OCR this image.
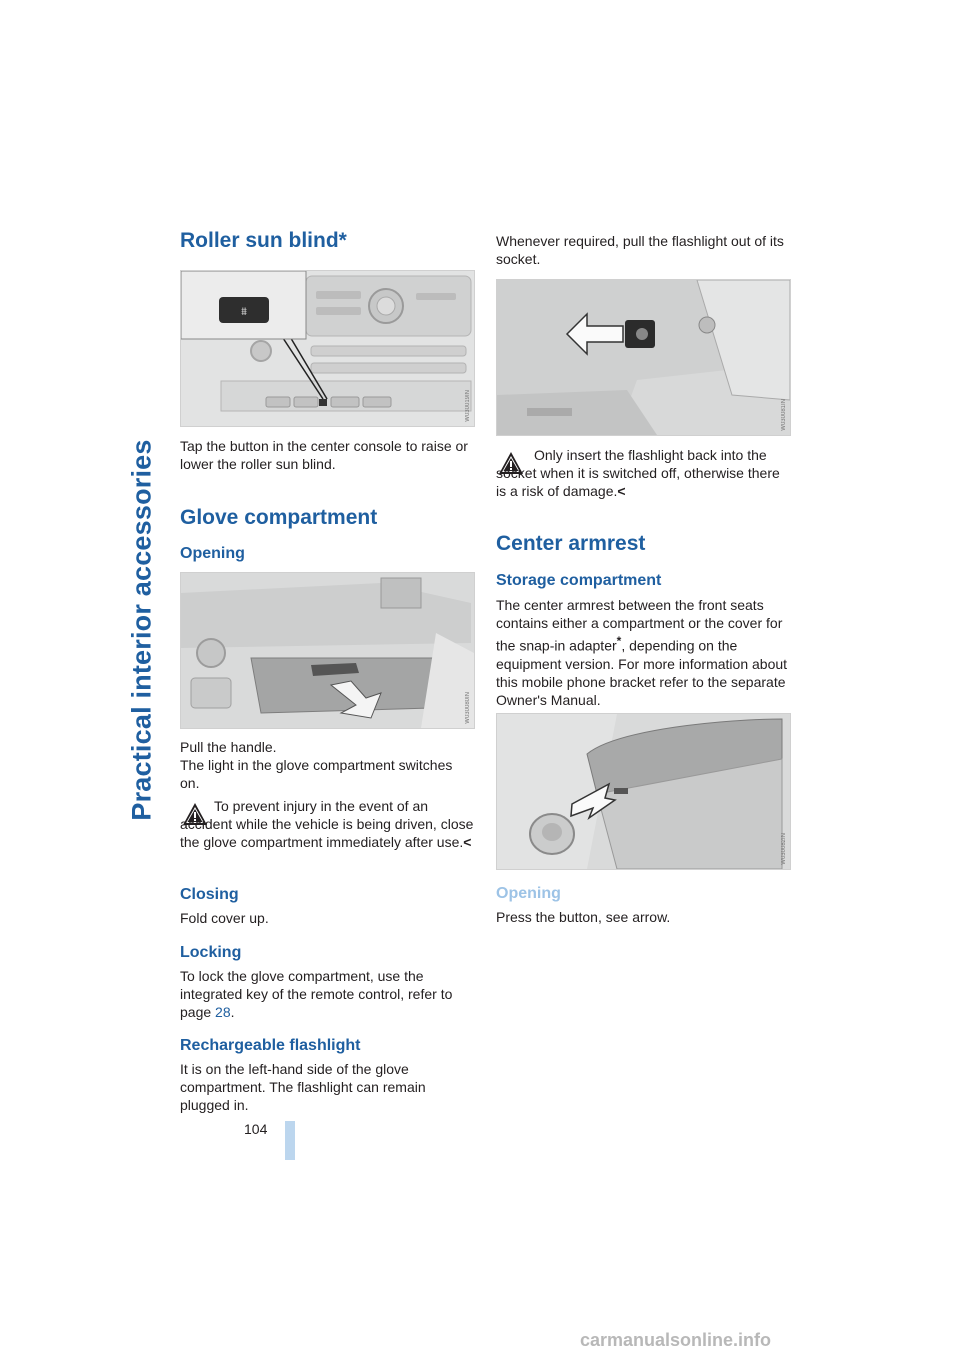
Practical interior accessories
Roller sun blind*
⩩
W030019IN

Tap the button in the center console to raise or lower the roller sun blind.

Glove compartment
Opening
W030080IN

Pull the handle.

The light in the glove compartment switches on.

To prevent injury in the event of an accident while the vehicle is being driven, close the glove compartment immediately after use.<

Closing

Fold cover up.

Locking

To lock the glove compartment, use the integrated key of the remote control, refer to page 28.

Rechargeable flashlight

It is on the left-hand side of the glove compartment. The flashlight can remain plugged in.

Whenever required, pull the flashlight out of its socket.

W030081IN

Only insert the flashlight back into the socket when it is switched off, otherwise there is a risk of damage.<

Center armrest
Storage compartment

The center armrest between the front seats contains either a compartment or the cover for the snap-in adapter*, depending on the equipment version. For more information about this mobile phone bracket refer to the separate Owner's Manual.

W030082IN
Opening

Press the button, see arrow.

104
carmanualsonline.info
